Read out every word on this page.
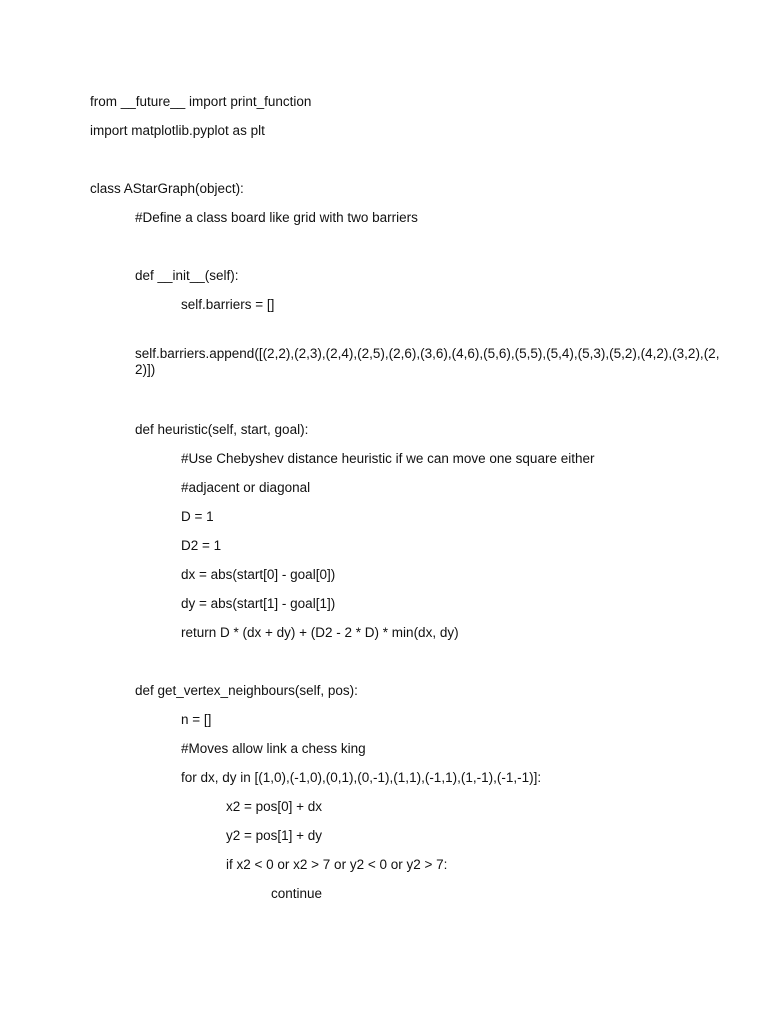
from __future__ import print_function
import matplotlib.pyplot as plt
class AStarGraph(object):
#Define a class board like grid with two barriers
def __init__(self):
self.barriers = []
self.barriers.append([(2,2),(2,3),(2,4),(2,5),(2,6),(3,6),(4,6),(5,6),(5,5),(5,4),(5,3),(5,2),(4,2),(3,2),(2,2)])
def heuristic(self, start, goal):
#Use Chebyshev distance heuristic if we can move one square either
#adjacent or diagonal
D = 1
D2 = 1
dx = abs(start[0] - goal[0])
dy = abs(start[1] - goal[1])
return D * (dx + dy) + (D2 - 2 * D) * min(dx, dy)
def get_vertex_neighbours(self, pos):
n = []
#Moves allow link a chess king
for dx, dy in [(1,0),(-1,0),(0,1),(0,-1),(1,1),(-1,1),(1,-1),(-1,-1)]:
x2 = pos[0] + dx
y2 = pos[1] + dy
if x2 < 0 or x2 > 7 or y2 < 0 or y2 > 7:
continue
